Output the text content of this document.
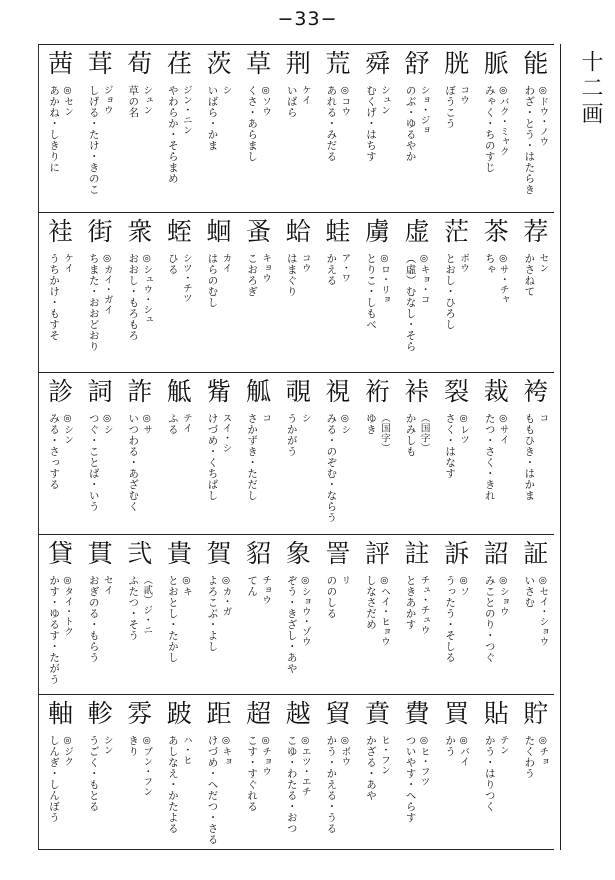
−33−
能
◎ドウ・ノウ
わざ・とう・はたらき
脈
◎バク・ミャク
みゃく・ちのすじ
胱
コウ
ぼうこう
舒
ショ・ジョ
のぶ・ゆるやか
舜
シュン
むくげ・はちす
荒
◎コウ
あれる・みだる
荆
ケイ
いばら
草
◎ソウ
くさ・あらまし
茨
シ
いばら・かま
荏
ジン・ニン
やわらか・そらまめ
荀
シュン
草の名
茸
ジョウ
しげる・たけ・きのこ
茜
◎セン
あかね・しきりに
荐
セン
かさねて
茶
◎サ・チャ
ちゃ
茫
ボウ
とおし・ひろし
虚
◎キョ・コ
（虛）むなし・そら
虜
◎ロ・リョ
とりこ・しもべ
蛙
ア・ワ
かえる
蛤
コウ
はまぐり
蚤
キョウ
こおろぎ
蛔
カイ
はらのむし
蛭
シツ・チツ
ひる
衆
◎シュウ・シュ
おおし・もろもろ
街
◎カイ・ガイ
ちまた・おおどおり
袿
ケイ
うちかけ・もすそ
袴
コ
ももひき・はかま
裁
◎サイ
たつ・さく・きれ
裂
◎レツ
さく・はなす
裃
（国字）
かみしも
裄
（国字）
ゆき
視
◎シ
みる・のぞむ・ならう
覗
シ
うかがう
觚
コ
さかずき・ただし
觜
スイ・シ
けづめ・くちばし
觝
テイ
ふる
詐
◎サ
いつわる・あざむく
詞
◎シ
つぐ・ことば・いう
診
◎シン
みる・さっする
証
◎セイ・ショウ
いさむ
詔
◎ショウ
みことのり・つぐ
訴
◎ソ
うったう・そしる
註
チュ・チュウ
ときあかす
評
◎ヘイ・ヒョウ
しなさだめ
詈
リ
ののしる
象
◎ショウ・ゾウ
ぞう・きざし・あや
貂
チョウ
てん
賀
◎カ・ガ
よろこぶ・よし
貴
◎キ
とおとし・たかし
弐
（貳）ジ・ニ
ふたつ・そう
貫
セイ
おぎのる・もらう
貸
◎タイ・トク
かす・ゆるす・たがう
貯
◎チョ
たくわう
貼
テン
かう・はりつく
買
◎バイ
かう
費
◎ヒ・フツ
ついやす・へらす
賁
ヒ・フン
かざる・あや
貿
◎ボウ
かう・かえる・うる
越
◎エツ・エチ
こゆ・わたる・おつ
超
◎チョウ
こす・すぐれる
距
◎キョ
けづめ・へだつ・さる
跛
ハ・ヒ
あしなえ・かたよる
雰
◎ブン・フン
きり
軫
シン
うごく・もとる
軸
◎ジク
しんぎ・しんぼう
十二画
